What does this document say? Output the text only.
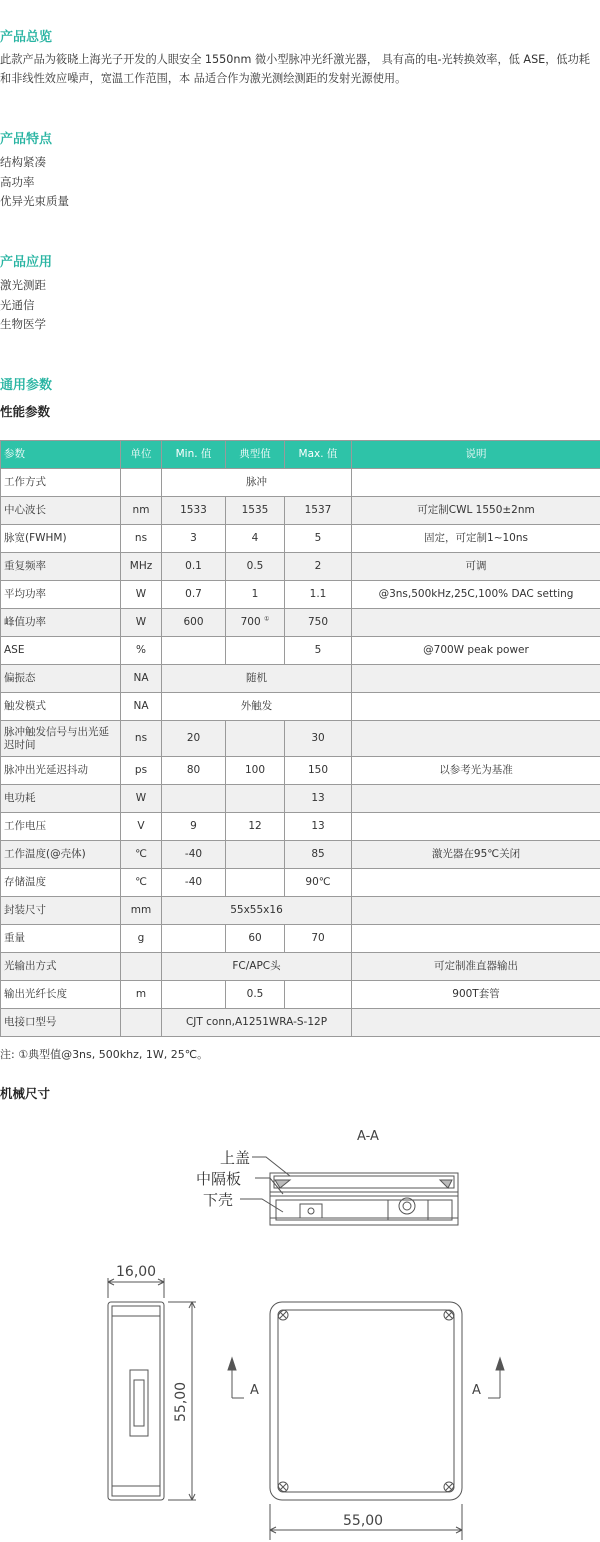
产品总览

此款产品为筱晓上海光子开发的人眼安全 1550nm 微小型脉冲光纤激光器， 具有高的电-光转换效率，低 ASE，低功耗和非线性效应噪声，宽温工作范围，本 品适合作为激光测绘测距的发射光源使用。

产品特点
结构紧凑
高功率
优异光束质量
产品应用
激光测距
光通信
生物医学
通用参数
性能参数
参数	单位	Min. 值	典型值	Max. 值	说明
工作方式		脉冲			
中心波长	nm	1533	1535	1537	可定制CWL 1550±2nm
脉宽(FWHM)	ns	3	4	5	固定，可定制1~10ns
重复频率	MHz	0.1	0.5	2	可调
平均功率	W	0.7	1	1.1	@3ns,500kHz,25C,100% DAC setting
峰值功率	W	600	700 ①	750	
ASE	%			5	@700W peak power
偏振态	NA	随机			
触发模式	NA	外触发			
脉冲触发信号与出光延迟时间	ns	20		30	
脉冲出光延迟抖动	ps	80	100	150	以参考光为基准
电功耗	W			13	
工作电压	V	9	12	13	
工作温度(@壳体)	℃	-40		85	激光器在95℃关闭
存储温度	℃	-40		90℃	
封装尺寸	mm	55x55x16			
重量	g		60	70	
光输出方式		FC/APC头			可定制准直器输出
输出光纤长度	m		0.5		900T套管
电接口型号		CJT conn,A1251WRA-S-12P			

注: ①典型值@3ns, 500khz, 1W, 25℃。

机械尺寸
A-A
上盖
中隔板
下壳
16,00
55,00	A	A
55,00
